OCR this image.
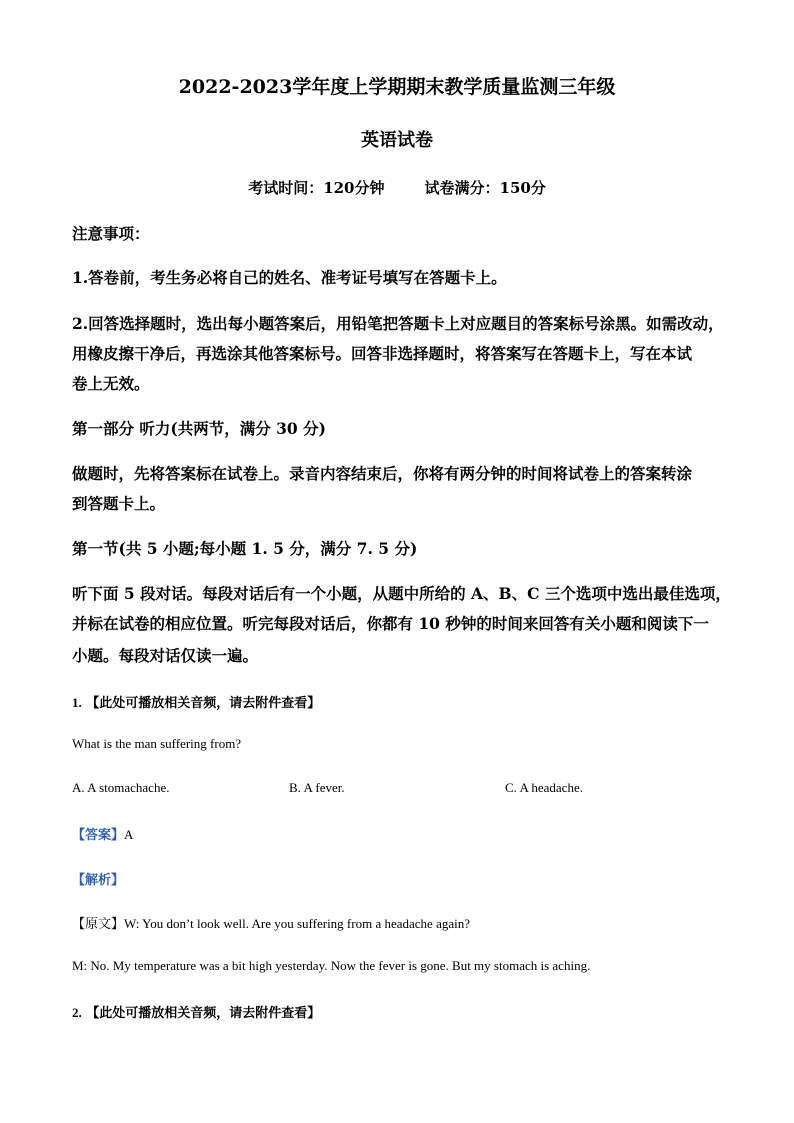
2022-2023学年度上学期期末教学质量监测三年级
英语试卷
考试时间：120分钟	试卷满分：150分
注意事项：
1.答卷前，考生务必将自己的姓名、准考证号填写在答题卡上。
2.回答选择题时，选出每小题答案后，用铅笔把答题卡上对应题目的答案标号涂黑。如需改动，
用橡皮擦干净后，再选涂其他答案标号。回答非选择题时，将答案写在答题卡上，写在本试
卷上无效。
第一部分 听力(共两节，满分 30 分)
做题时，先将答案标在试卷上。录音内容结束后，你将有两分钟的时间将试卷上的答案转涂
到答题卡上。
第一节(共 5 小题;每小题 1. 5 分，满分 7. 5 分)
听下面 5 段对话。每段对话后有一个小题，从题中所给的 A、B、C 三个选项中选出最佳选项，
并标在试卷的相应位置。听完每段对话后，你都有 10 秒钟的时间来回答有关小题和阅读下一
小题。每段对话仅读一遍。
1. 【此处可播放相关音频，请去附件查看】
What is the man suffering from?
A. A stomachache.	B. A fever.	C. A headache.
【答案】A
【解析】
【原文】W: You don’t look well. Are you suffering from a headache again?
M: No. My temperature was a bit high yesterday. Now the fever is gone. But my stomach is aching.
2. 【此处可播放相关音频，请去附件查看】
